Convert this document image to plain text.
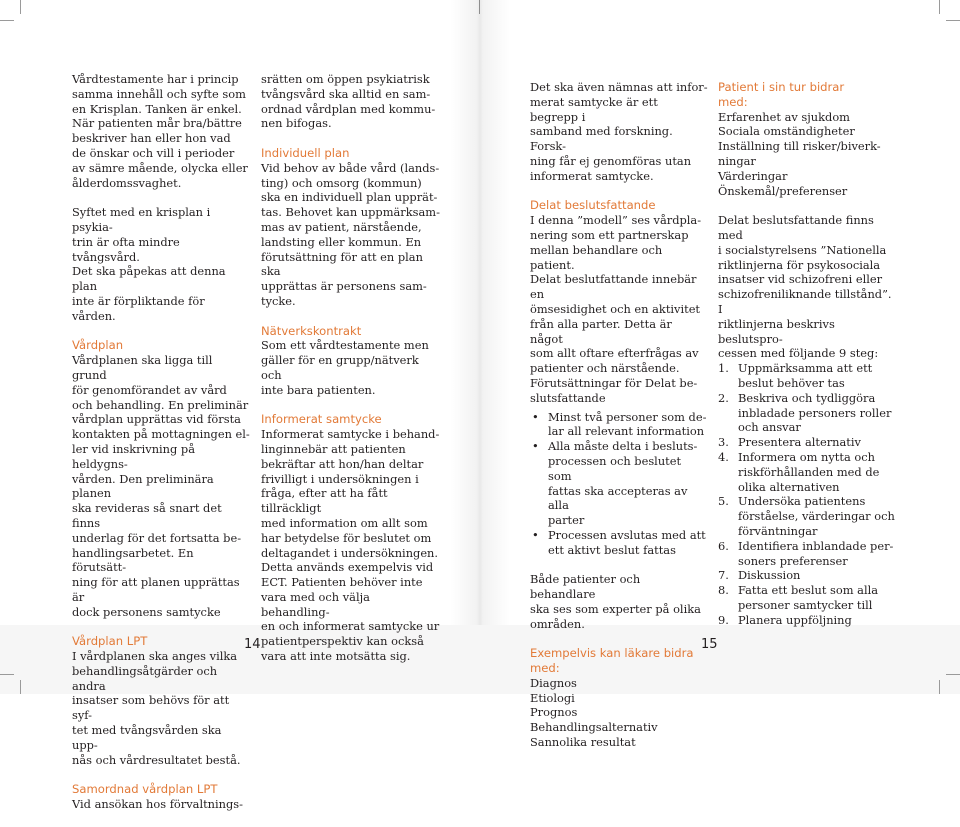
14	15

Vårdtestamente har i princip
samma innehåll och syfte som
en Krisplan. Tanken är enkel.
När patienten mår bra/bättre
beskriver han eller hon vad
de önskar och vill i perioder
av sämre mående, olycka eller
ålderdomssvaghet.

Syftet med en krisplan i psykia-
trin är ofta mindre tvångsvård.
Det ska påpekas att denna plan
inte är förpliktande för vården.

Vårdplan

Vårdplanen ska ligga till grund
för genomförandet av vård
och behandling. En preliminär
vårdplan upprättas vid första
kontakten på mottagningen el-
ler vid inskrivning på heldygns-
vården. Den preliminära planen
ska revideras så snart det finns
underlag för det fortsatta be-
handlingsarbetet. En förutsätt-
ning för att planen upprättas är
dock personens samtycke

Vårdplan LPT

I vårdplanen ska anges vilka
behandlingsåtgärder och andra
insatser som behövs för att syf-
tet med tvångsvården ska upp-
nås och vårdresultatet bestå.

Samordnad vårdplan LPT

Vid ansökan hos förvaltnings-

srätten om öppen psykiatrisk
tvångsvård ska alltid en sam-
ordnad vårdplan med kommu-
nen bifogas.

Individuell plan

Vid behov av både vård (lands-
ting) och omsorg (kommun)
ska en individuell plan upprät-
tas. Behovet kan uppmärksam-
mas av patient, närstående,
landsting eller kommun. En
förutsättning för att en plan ska
upprättas är personens sam-
tycke.

Nätverkskontrakt

Som ett vårdtestamente men
gäller för en grupp/nätverk och
inte bara patienten.

Informerat samtycke

Informerat samtycke i behand-
linginnebär att patienten
bekräftar att hon/han deltar
frivilligt i undersökningen i
fråga, efter att ha fått tillräckligt
med information om allt som
har betydelse för beslutet om
deltagandet i undersökningen.
Detta används exempelvis vid
ECT. Patienten behöver inte
vara med och välja behandling-
en och informerat samtycke ur
patientperspektiv kan också
vara att inte motsätta sig.

Det ska även nämnas att infor-
merat samtycke är ett begrepp i
samband med forskning. Forsk-
ning får ej genomföras utan
informerat samtycke.

Delat beslutsfattande

I denna ”modell” ses vårdpla-
nering som ett partnerskap
mellan behandlare och patient.
Delat beslutfattande innebär en
ömsesidighet och en aktivitet
från alla parter. Detta är något
som allt oftare efterfrågas av
patienter och närstående.
Förutsättningar för Delat be-
slutsfattande

• Minst två personer som de-
lar all relevant information
• Alla måste delta i besluts-
processen och beslutet som
fattas ska accepteras av alla
parter
• Processen avslutas med att
ett aktivt beslut fattas

Både patienter och behandlare
ska ses som experter på olika
områden.

Exempelvis kan läkare bidra
med:

Diagnos
Etiologi
Prognos
Behandlingsalternativ
Sannolika resultat

Patient i sin tur bidrar
med:

Erfarenhet av sjukdom
Sociala omständigheter
Inställning till risker/biverk-
ningar
Värderingar
Önskemål/preferenser

Delat beslutsfattande finns med
i socialstyrelsens ”Nationella
riktlinjerna för psykosociala
insatser vid schizofreni eller
schizofreniliknande tillstånd”. I
riktlinjerna beskrivs beslutspro-
cessen med följande 9 steg:

1. Uppmärksamma att ett
beslut behöver tas
2. Beskriva och tydliggöra
inbladade personers roller
och ansvar
3. Presentera alternativ
4. Informera om nytta och
riskförhållanden med de
olika alternativen
5. Undersöka patientens
förståelse, värderingar och
förväntningar
6. Identifiera inblandade per-
soners preferenser
7. Diskussion
8. Fatta ett beslut som alla
personer samtycker till
9. Planera uppföljning
